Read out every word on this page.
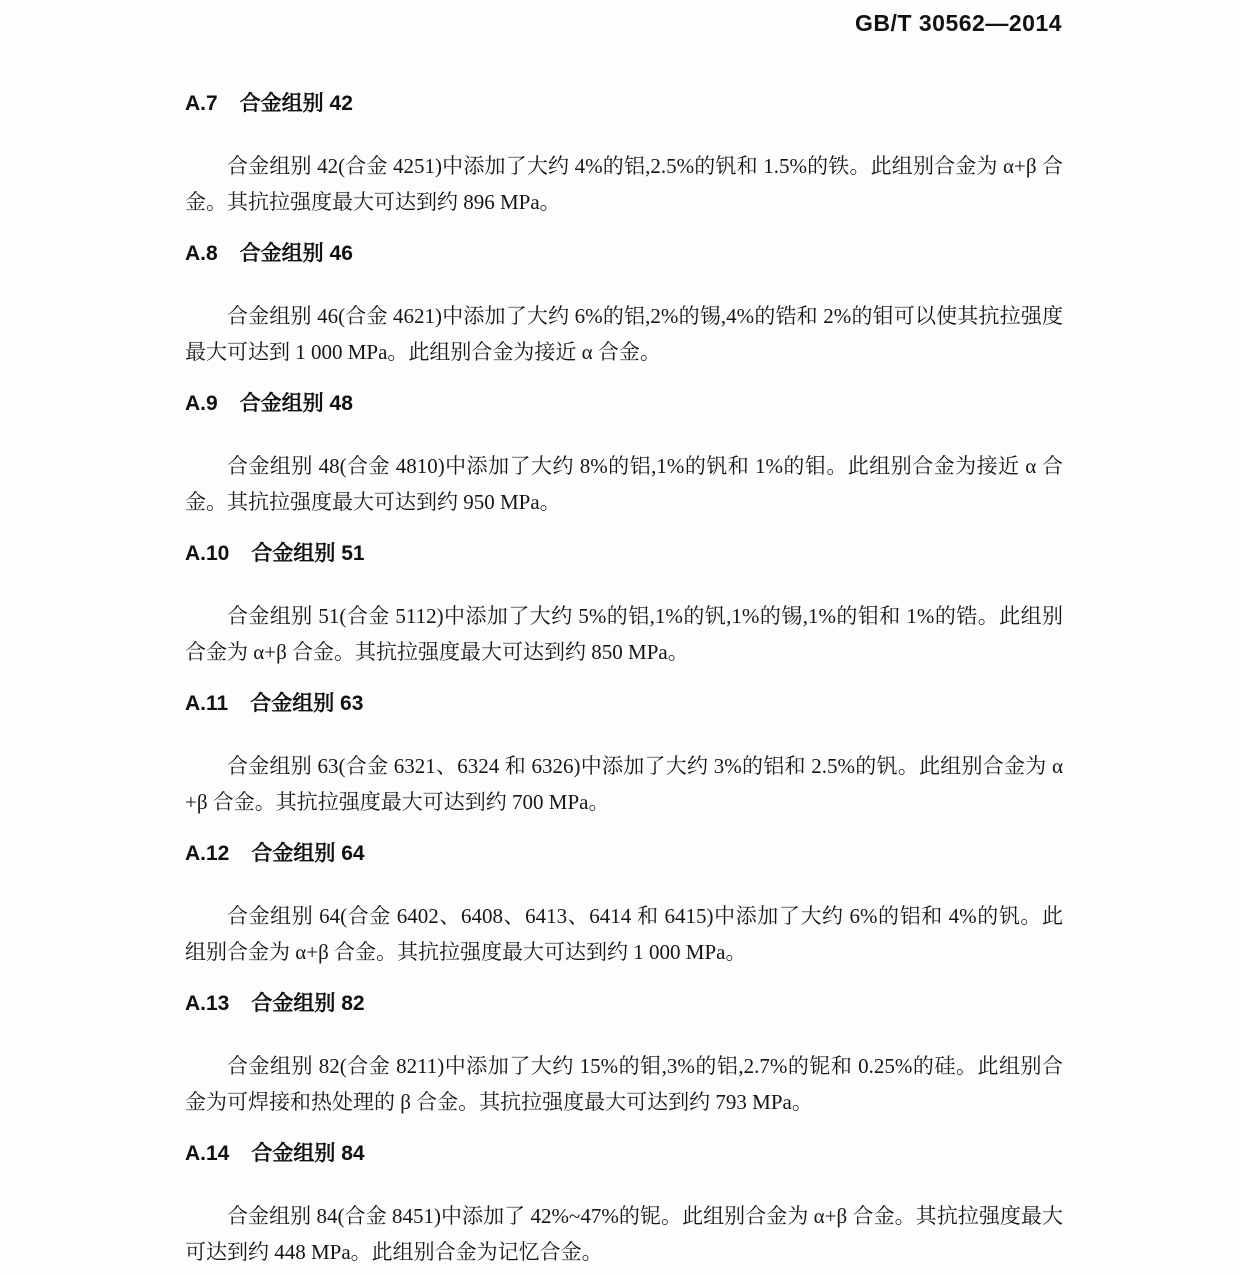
GB/T 30562—2014
A.7 合金组别 42

合金组别 42(合金 4251)中添加了大约 4%的铝,2.5%的钒和 1.5%的铁。此组别合金为 α+β 合金。其抗拉强度最大可达到约 896 MPa。

A.8 合金组别 46

合金组别 46(合金 4621)中添加了大约 6%的铝,2%的锡,4%的锆和 2%的钼可以使其抗拉强度最大可达到 1 000 MPa。此组别合金为接近 α 合金。

A.9 合金组别 48

合金组别 48(合金 4810)中添加了大约 8%的铝,1%的钒和 1%的钼。此组别合金为接近 α 合金。其抗拉强度最大可达到约 950 MPa。

A.10 合金组别 51

合金组别 51(合金 5112)中添加了大约 5%的铝,1%的钒,1%的锡,1%的钼和 1%的锆。此组别合金为 α+β 合金。其抗拉强度最大可达到约 850 MPa。

A.11 合金组别 63

合金组别 63(合金 6321、6324 和 6326)中添加了大约 3%的铝和 2.5%的钒。此组别合金为 α+β 合金。其抗拉强度最大可达到约 700 MPa。

A.12 合金组别 64

合金组别 64(合金 6402、6408、6413、6414 和 6415)中添加了大约 6%的铝和 4%的钒。此组别合金为 α+β 合金。其抗拉强度最大可达到约 1 000 MPa。

A.13 合金组别 82

合金组别 82(合金 8211)中添加了大约 15%的钼,3%的铝,2.7%的铌和 0.25%的硅。此组别合金为可焊接和热处理的 β 合金。其抗拉强度最大可达到约 793 MPa。

A.14 合金组别 84

合金组别 84(合金 8451)中添加了 42%~47%的铌。此组别合金为 α+β 合金。其抗拉强度最大可达到约 448 MPa。此组别合金为记忆合金。
